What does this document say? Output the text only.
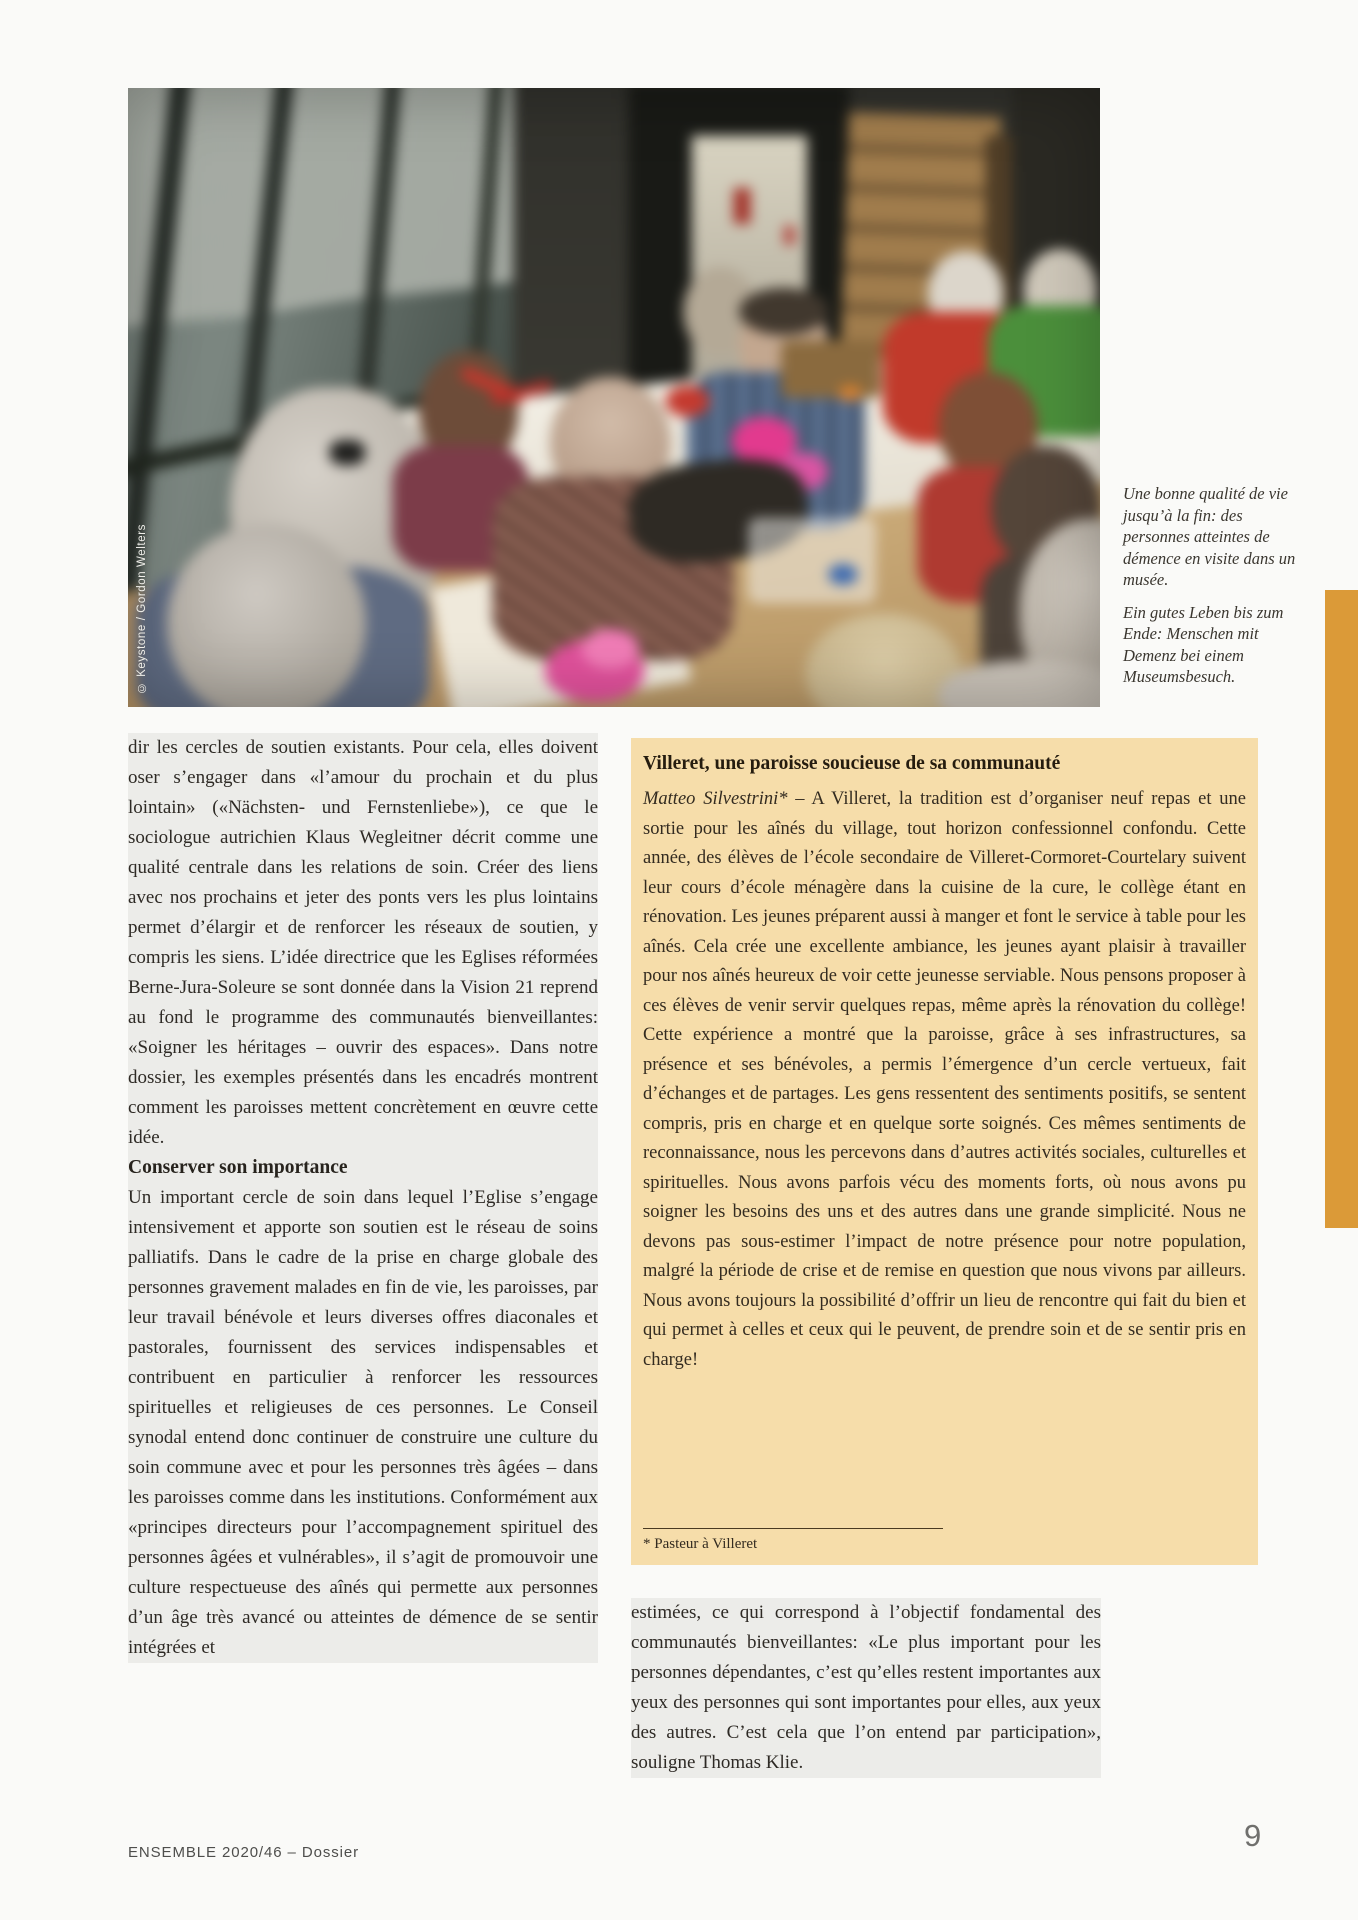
© Keystone / Gordon Welters

Une bonne qualité de vie jusqu’à la fin: des personnes atteintes de démence en visite dans un musée.

Ein gutes Leben bis zum Ende: Menschen mit Demenz bei einem Museumsbesuch.

dir les cercles de soutien existants. Pour cela, elles doivent oser s’engager dans «l’amour du prochain et du plus lointain» («Nächsten- und Fernstenliebe»), ce que le sociologue autrichien Klaus Wegleitner décrit comme une qualité centrale dans les relations de soin. Créer des liens avec nos prochains et jeter des ponts vers les plus lointains permet d’élargir et de renforcer les réseaux de soutien, y compris les siens. L’idée directrice que les Eglises réformées Berne-Jura-Soleure se sont donnée dans la Vision 21 reprend au fond le programme des communautés bienveillantes: «Soigner les héritages – ouvrir des espaces». Dans notre dossier, les exemples présentés dans les encadrés montrent comment les paroisses mettent concrètement en œuvre cette idée.

Conserver son importance

Un important cercle de soin dans lequel l’Eglise s’engage intensivement et apporte son soutien est le réseau de soins palliatifs. Dans le cadre de la prise en charge globale des personnes gravement malades en fin de vie, les paroisses, par leur travail bénévole et leurs diverses offres diaconales et pastorales, fournissent des services indispensables et contribuent en particulier à renforcer les ressources spirituelles et religieuses de ces personnes. Le Conseil synodal entend donc continuer de construire une culture du soin commune avec et pour les personnes très âgées – dans les paroisses comme dans les institutions. Conformément aux «principes directeurs pour l’accompagnement spirituel des personnes âgées et vulnérables», il s’agit de promouvoir une culture respectueuse des aînés qui permette aux personnes d’un âge très avancé ou atteintes de démence de se sentir intégrées et

Villeret, une paroisse soucieuse de sa communauté

Matteo Silvestrini* – A Villeret, la tradition est d’organiser neuf repas et une sortie pour les aînés du village, tout horizon confessionnel confondu. Cette année, des élèves de l’école secondaire de Villeret-Cormoret-Courtelary suivent leur cours d’école ménagère dans la cuisine de la cure, le collège étant en rénovation. Les jeunes préparent aussi à manger et font le service à table pour les aînés. Cela crée une excellente ambiance, les jeunes ayant plaisir à travailler pour nos aînés heureux de voir cette jeunesse serviable. Nous pensons proposer à ces élèves de venir servir quelques repas, même après la rénovation du collège! Cette expérience a montré que la paroisse, grâce à ses infrastructures, sa présence et ses bénévoles, a permis l’émergence d’un cercle vertueux, fait d’échanges et de partages. Les gens ressentent des sentiments positifs, se sentent compris, pris en charge et en quelque sorte soignés. Ces mêmes sentiments de reconnaissance, nous les percevons dans d’autres activités sociales, culturelles et spirituelles. Nous avons parfois vécu des moments forts, où nous avons pu soigner les besoins des uns et des autres dans une grande simplicité. Nous ne devons pas sous-estimer l’impact de notre présence pour notre population, malgré la période de crise et de remise en question que nous vivons par ailleurs. Nous avons toujours la possibilité d’offrir un lieu de rencontre qui fait du bien et qui permet à celles et ceux qui le peuvent, de prendre soin et de se sentir pris en charge!

* Pasteur à Villeret

estimées, ce qui correspond à l’objectif fondamental des communautés bienveillantes: «Le plus important pour les personnes dépendantes, c’est qu’elles restent importantes aux yeux des personnes qui sont importantes pour elles, aux yeux des autres. C’est cela que l’on entend par participation», souligne Thomas Klie.

ENSEMBLE 2020/46 – Dossier	9
